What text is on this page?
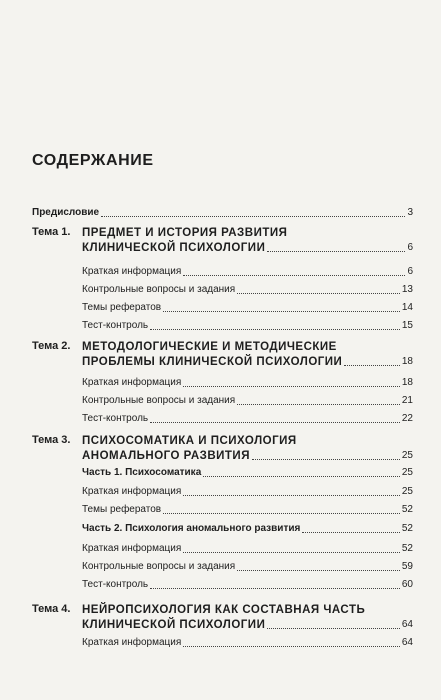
СОДЕРЖАНИЕ
Предисловие	3
Тема 1. ПРЕДМЕТ И ИСТОРИЯ РАЗВИТИЯ
КЛИНИЧЕСКОЙ ПСИХОЛОГИИ	6
Краткая информация	6
Контрольные вопросы и задания	13
Темы рефератов	14
Тест-контроль	15
Тема 2. МЕТОДОЛОГИЧЕСКИЕ И МЕТОДИЧЕСКИЕ
ПРОБЛЕМЫ КЛИНИЧЕСКОЙ ПСИХОЛОГИИ	18
Краткая информация	18
Контрольные вопросы и задания	21
Тест-контроль	22
Тема 3. ПСИХОСОМАТИКА И ПСИХОЛОГИЯ
АНОМАЛЬНОГО РАЗВИТИЯ	25
Часть 1. Психосоматика	25
Краткая информация	25
Темы рефератов	52
Часть 2. Психология аномального развития	52
Краткая информация	52
Контрольные вопросы и задания	59
Тест-контроль	60
Тема 4. НЕЙРОПСИХОЛОГИЯ КАК СОСТАВНАЯ ЧАСТЬ
КЛИНИЧЕСКОЙ ПСИХОЛОГИИ	64
Краткая информация	64
